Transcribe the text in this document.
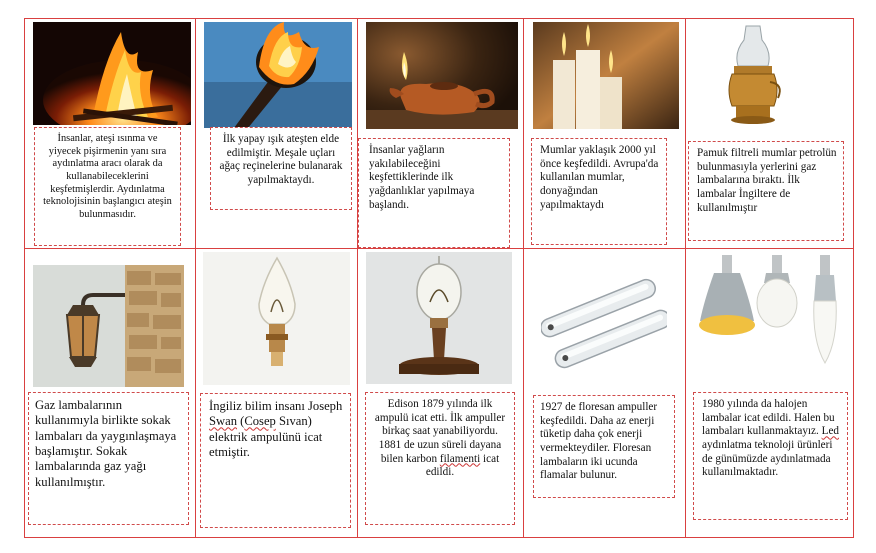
İnsanlar, ateşi ısınma ve yiyecek pişirmenin yanı sıra aydınlatma aracı olarak da kullanabileceklerini keşfetmişlerdir. Aydınlatma teknolojisinin başlangıcı ateşin bulunmasıdır.
İlk yapay ışık ateşten elde edilmiştir. Meşale uçları ağaç reçinelerine bulanarak yapılmaktaydı.
İnsanlar yağların yakılabileceğini keşfettiklerinde ilk yağdanlıklar yapılmaya başlandı.
Mumlar yaklaşık 2000 yıl önce keşfedildi. Avrupa'da kullanılan mumlar, donyağından yapılmaktaydı
Pamuk filtreli mumlar petrolün bulunmasıyla yerlerini gaz lambalarına bıraktı. İlk lambalar İngiltere de kullanılmıştır
Gaz lambalarının kullanımıyla birlikte sokak lambaları da yaygınlaşmaya başlamıştır. Sokak lambalarında gaz yağı kullanılmıştır.
İngiliz bilim insanı Joseph Swan (Cosep Sıvan) elektrik ampulünü icat etmiştir.
Edison 1879 yılında ilk ampulü icat etti. İlk ampuller birkaç saat yanabiliyordu. 1881 de uzun süreli dayana bilen karbon filamenti icat edildi.
1927 de floresan ampuller keşfedildi. Daha az enerji tüketip daha çok enerji vermekteydiler. Floresan lambaların iki ucunda flamalar bulunur.
1980 yılında da halojen lambalar icat edildi. Halen bu lambaları kullanmaktayız. Led aydınlatma teknoloji ürünleri de günümüzde aydınlatmada kullanılmaktadır.
